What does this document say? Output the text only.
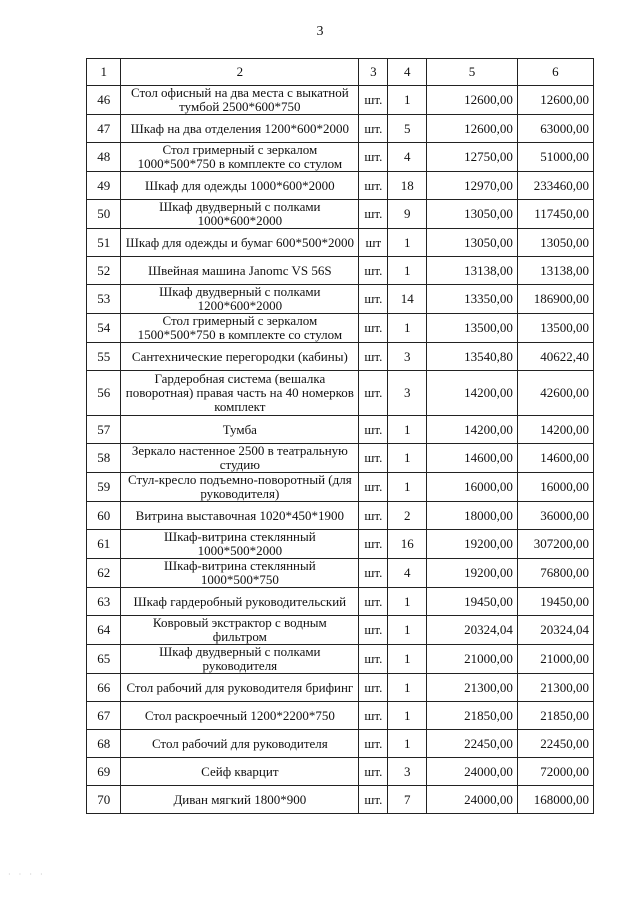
3
1	2	3	4	5	6
46	Стол офисный на два места с выкатной тумбой 2500*600*750	шт.	1	12600,00	12600,00
47	Шкаф на два отделения 1200*600*2000	шт.	5	12600,00	63000,00
48	Стол гримерный с зеркалом 1000*500*750 в комплекте со стулом	шт.	4	12750,00	51000,00
49	Шкаф для одежды 1000*600*2000	шт.	18	12970,00	233460,00
50	Шкаф двудверный с полками 1000*600*2000	шт.	9	13050,00	117450,00
51	Шкаф для одежды и бумаг 600*500*2000	шт	1	13050,00	13050,00
52	Швейная машина Janomc VS 56S	шт.	1	13138,00	13138,00
53	Шкаф двудверный с полками 1200*600*2000	шт.	14	13350,00	186900,00
54	Стол гримерный с зеркалом 1500*500*750 в комплекте со стулом	шт.	1	13500,00	13500,00
55	Сантехнические перегородки (кабины)	шт.	3	13540,80	40622,40
56	Гардеробная система (вешалка поворотная) правая часть на 40 номерков комплект	шт.	3	14200,00	42600,00
57	Тумба	шт.	1	14200,00	14200,00
58	Зеркало настенное 2500 в театральную студию	шт.	1	14600,00	14600,00
59	Стул-кресло подъемно-поворотный (для руководителя)	шт.	1	16000,00	16000,00
60	Витрина выставочная 1020*450*1900	шт.	2	18000,00	36000,00
61	Шкаф-витрина стеклянный 1000*500*2000	шт.	16	19200,00	307200,00
62	Шкаф-витрина стеклянный 1000*500*750	шт.	4	19200,00	76800,00
63	Шкаф гардеробный руководительский	шт.	1	19450,00	19450,00
64	Ковровый экстрактор с водным фильтром	шт.	1	20324,04	20324,04
65	Шкаф двудверный с полками руководителя	шт.	1	21000,00	21000,00
66	Стол рабочий для руководителя брифинг	шт.	1	21300,00	21300,00
67	Стол раскроечный 1200*2200*750	шт.	1	21850,00	21850,00
68	Стол рабочий для руководителя	шт.	1	22450,00	22450,00
69	Сейф кварцит	шт.	3	24000,00	72000,00
70	Диван мягкий 1800*900	шт.	7	24000,00	168000,00
· · · ·
